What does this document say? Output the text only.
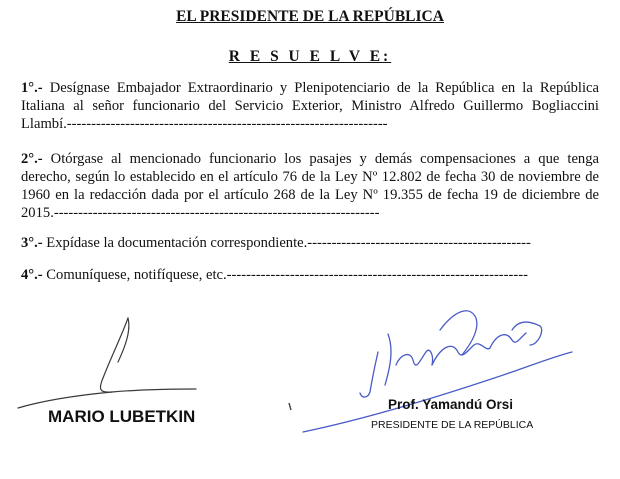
EL PRESIDENTE DE LA REPÚBLICA
R E S U E L V E:
1°.- Desígnase Embajador Extraordinario y Plenipotenciario de la República en la República Italiana al señor funcionario del Servicio Exterior, Ministro Alfredo Guillermo Bogliaccini Llambí.------------------------------------------------------------------
2°.- Otórgase al mencionado funcionario los pasajes y demás compensaciones a que tenga derecho, según lo establecido en el artículo 76 de la Ley Nº 12.802 de fecha 30 de noviembre de 1960 en la redacción dada por el artículo 268 de la Ley Nº 19.355 de fecha 19 de diciembre de 2015.-------------------------------------------------------------------
3°.- Expídase la documentación correspondiente.----------------------------------------------
4°.- Comuníquese, notifíquese, etc.--------------------------------------------------------------
MARIO LUBETKIN
Prof. Yamandú Orsi
PRESIDENTE DE LA REPÚBLICA
